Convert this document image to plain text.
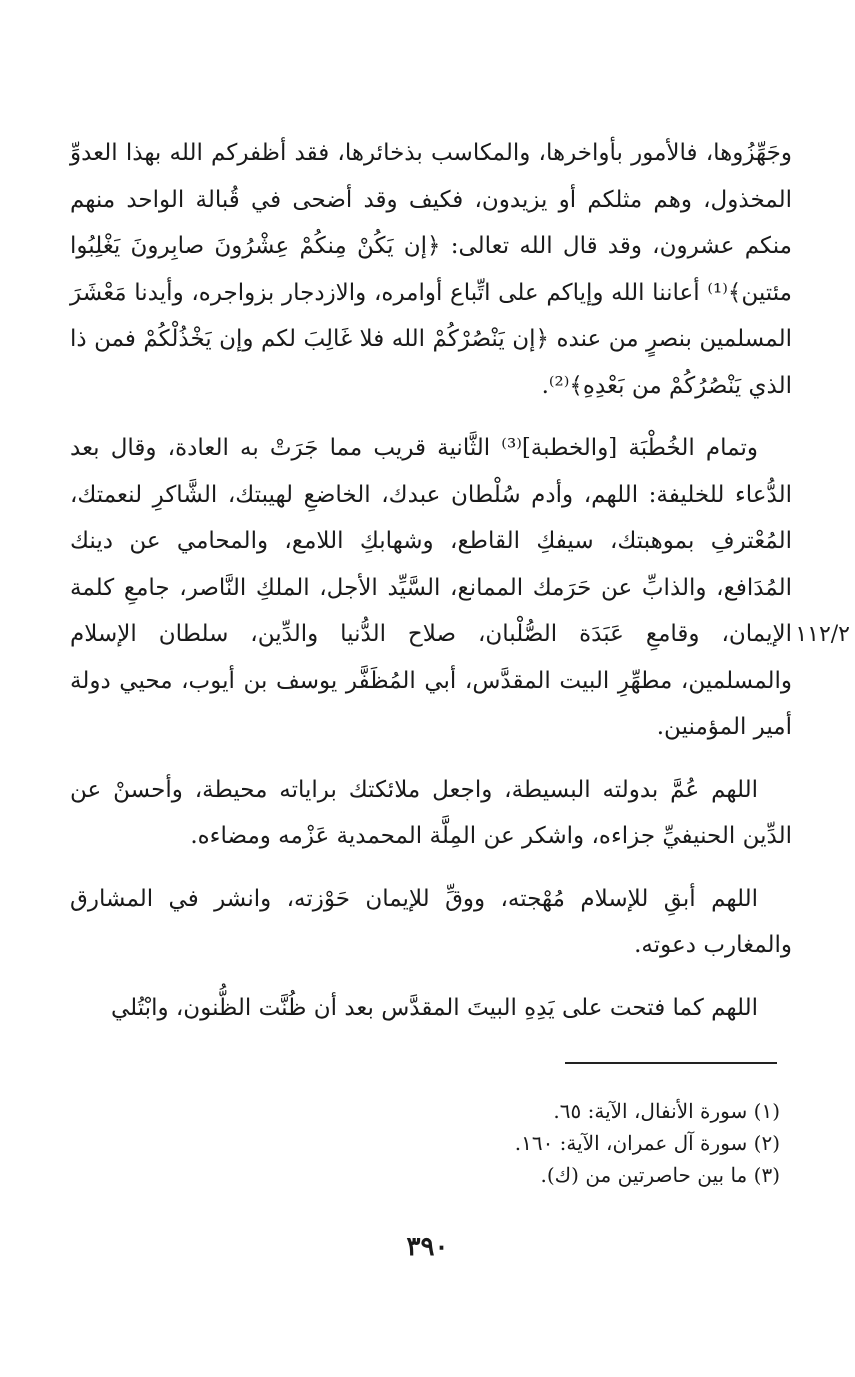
وجَهِّزُوها، فالأمور بأواخرها، والمكاسب بذخائرها، فقد أظفركم الله بهذا العدوِّ المخذول، وهم مثلكم أو يزيدون، فكيف وقد أضحى في قُبالة الواحد منهم منكم عشرون، وقد قال الله تعالى: ﴿إن يَكُنْ مِنكُمْ عِشْرُونَ صابِرونَ يَغْلِبُوا مئتين﴾⁽¹⁾ أعاننا الله وإياكم على اتِّباع أوامره، والازدجار بزواجره، وأيدنا مَعْشَرَ المسلمين بنصرٍ من عنده ﴿إن يَنْصُرْكُمْ الله فلا غَالِبَ لكم وإن يَخْذُلْكُمْ فمن ذا الذي يَنْصُرُكُمْ من بَعْدِهِ﴾⁽²⁾.

وتمام الخُطْبَة [والخطبة]⁽³⁾ الثَّانية قريب مما جَرَتْ به العادة، وقال بعد الدُّعاء للخليفة: اللهم، وأدم سُلْطان عبدك، الخاضعِ لهيبتك، الشَّاكرِ لنعمتك، المُعْترفِ بموهبتك، سيفكِ القاطع، وشهابكِ اللامع، والمحامي عن دينك المُدَافع، والذابِّ عن حَرَمك الممانع، السَّيِّد الأجل، الملكِ النَّاصر، جامعِ كلمة الإيمان، وقامعِ عَبَدَة الصُّلْبان، صلاح الدُّنيا والدِّين، سلطان الإسلام والمسلمين، مطهِّرِ البيت المقدَّس، أبي المُظَفَّر يوسف بن أيوب، محيي دولة أمير المؤمنين.

اللهم عُمَّ بدولته البسيطة، واجعل ملائكتك براياته محيطة، وأحسنْ عن الدِّين الحنيفيِّ جزاءه، واشكر عن المِلَّة المحمدية عَزْمه ومضاءه.

اللهم أبقِ للإسلام مُهْجته، ووقِّ للإيمان حَوْزته، وانشر في المشارق والمغارب دعوته.

اللهم كما فتحت على يَدِهِ البيتَ المقدَّس بعد أن ظُنَّت الظُّنون، وابْتُلي

١١٢/٢

(١) سورة الأنفال، الآية: ٦٥.

(٢) سورة آل عمران، الآية: ١٦٠.

(٣) ما بين حاصرتين من (ك).

٣٩٠
